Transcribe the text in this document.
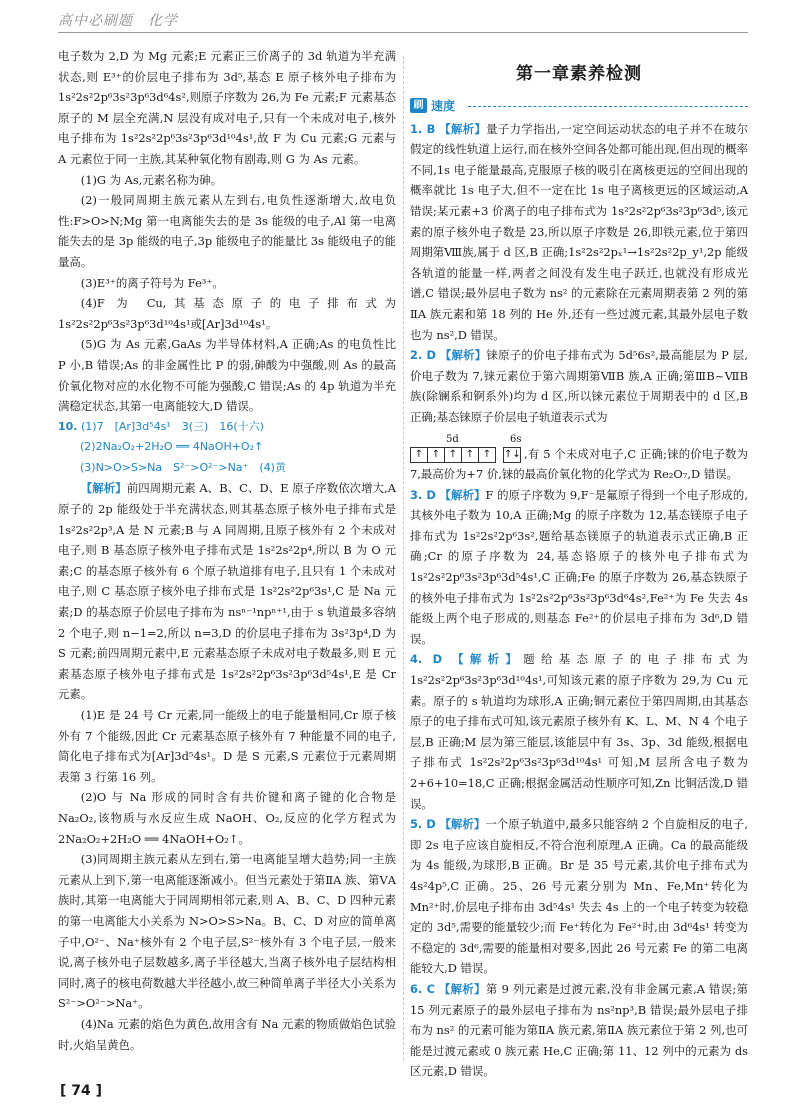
高中必刷题　化学

电子数为 2,D 为 Mg 元素;E 元素正三价离子的 3d 轨道为半充满状态,则 E³⁺的价层电子排布为 3d⁵,基态 E 原子核外电子排布为 1s²2s²2p⁶3s²3p⁶3d⁶4s²,则原子序数为 26,为 Fe 元素;F 元素基态原子的 M 层全充满,N 层没有成对电子,只有一个未成对电子,核外电子排布为 1s²2s²2p⁶3s²3p⁶3d¹⁰4s¹,故 F 为 Cu 元素;G 元素与 A 元素位于同一主族,其某种氧化物有剧毒,则 G 为 As 元素。

(1)G 为 As,元素名称为砷。

(2)一般同周期主族元素从左到右,电负性逐渐增大,故电负性:F>O>N;Mg 第一电离能失去的是 3s 能级的电子,Al 第一电离能失去的是 3p 能级的电子,3p 能级电子的能量比 3s 能级电子的能量高。

(3)E³⁺的离子符号为 Fe³⁺。

(4)F 为 Cu,其基态原子的电子排布式为 1s²2s²2p⁶3s²3p⁶3d¹⁰4s¹或[Ar]3d¹⁰4s¹。

(5)G 为 As 元素,GaAs 为半导体材料,A 正确;As 的电负性比 P 小,B 错误;As 的非金属性比 P 的弱,砷酸为中强酸,则 As 的最高价氧化物对应的水化物不可能为强酸,C 错误;As 的 4p 轨道为半充满稳定状态,其第一电离能较大,D 错误。

10. (1)7　[Ar]3d⁵4s¹　3(三)　16(十六)

(2)2Na₂O₂+2H₂O ══ 4NaOH+O₂↑

(3)N>O>S>Na　S²⁻>O²⁻>Na⁺　(4)黄

【解析】前四周期元素 A、B、C、D、E 原子序数依次增大,A 原子的 2p 能级处于半充满状态,则其基态原子核外电子排布式是 1s²2s²2p³,A 是 N 元素;B 与 A 同周期,且原子核外有 2 个未成对电子,则 B 基态原子核外电子排布式是 1s²2s²2p⁴,所以 B 为 O 元素;C 的基态原子核外有 6 个原子轨道排有电子,且只有 1 个未成对电子,则 C 基态原子核外电子排布式是 1s²2s²2p⁶3s¹,C 是 Na 元素;D 的基态原子价层电子排布为 nsⁿ⁻¹npⁿ⁺¹,由于 s 轨道最多容纳 2 个电子,则 n−1=2,所以 n=3,D 的价层电子排布为 3s²3p⁴,D 为 S 元素;前四周期元素中,E 元素基态原子未成对电子数最多,则 E 元素基态原子核外电子排布式是 1s²2s²2p⁶3s²3p⁶3d⁵4s¹,E 是 Cr 元素。

(1)E 是 24 号 Cr 元素,同一能级上的电子能量相同,Cr 原子核外有 7 个能级,因此 Cr 元素基态原子核外有 7 种能量不同的电子,简化电子排布式为[Ar]3d⁵4s¹。D 是 S 元素,S 元素位于元素周期表第 3 行第 16 列。

(2)O 与 Na 形成的同时含有共价键和离子键的化合物是 Na₂O₂,该物质与水反应生成 NaOH、O₂,反应的化学方程式为 2Na₂O₂+2H₂O ══ 4NaOH+O₂↑。

(3)同周期主族元素从左到右,第一电离能呈增大趋势;同一主族元素从上到下,第一电离能逐渐减小。但当元素处于第ⅡA 族、第ⅤA 族时,其第一电离能大于同周期相邻元素,则 A、B、C、D 四种元素的第一电离能大小关系为 N>O>S>Na。B、C、D 对应的简单离子中,O²⁻、Na⁺核外有 2 个电子层,S²⁻核外有 3 个电子层,一般来说,离子核外电子层数越多,离子半径越大,当离子核外电子层结构相同时,离子的核电荷数越大半径越小,故三种简单离子半径大小关系为 S²⁻>O²⁻>Na⁺。

(4)Na 元素的焰色为黄色,故用含有 Na 元素的物质做焰色试验时,火焰呈黄色。

第一章素养检测
刷 速度

1. B 【解析】量子力学指出,一定空间运动状态的电子并不在玻尔假定的线性轨道上运行,而在核外空间各处都可能出现,但出现的概率不同,1s 电子能量最高,克服原子核的吸引在离核更远的空间出现的概率就比 1s 电子大,但不一定在比 1s 电子离核更远的区域运动,A 错误;某元素+3 价离子的电子排布式为 1s²2s²2p⁶3s²3p⁶3d⁵,该元素的原子核外电子数是 23,所以原子序数是 26,即铁元素,位于第四周期第Ⅷ族,属于 d 区,B 正确;1s²2s²2pₓ¹→1s²2s²2p_y¹,2p 能级各轨道的能量一样,两者之间没有发生电子跃迁,也就没有形成光谱,C 错误;最外层电子数为 ns² 的元素除在元素周期表第 2 列的第ⅡA 族元素和第 18 列的 He 外,还有一些过渡元素,其最外层电子数也为 ns²,D 错误。

2. D 【解析】铼原子的价电子排布式为 5d⁵6s²,最高能层为 P 层,价电子数为 7,铼元素位于第六周期第ⅦB 族,A 正确;第ⅢB~ⅦB 族(除镧系和锕系外)均为 d 区,所以铼元素位于周期表中的 d 区,B 正确;基态铼原子价层电子轨道表示式为

5d	6s
↑ ↑ ↑ ↑ ↑	↑↓ ,有 5 个未成对电子,C 正确;铼的价电子数为 7,最高价为+7 价,铼的最高价氧化物的化学式为 Re₂O₇,D 错误。

3. D 【解析】F 的原子序数为 9,F⁻是氟原子得到一个电子形成的,其核外电子数为 10,A 正确;Mg 的原子序数为 12,基态镁原子电子排布式为 1s²2s²2p⁶3s²,题给基态镁原子的轨道表示式正确,B 正确;Cr 的原子序数为 24,基态铬原子的核外电子排布式为 1s²2s²2p⁶3s²3p⁶3d⁵4s¹,C 正确;Fe 的原子序数为 26,基态铁原子的核外电子排布式为 1s²2s²2p⁶3s²3p⁶3d⁶4s²,Fe²⁺为 Fe 失去 4s 能级上两个电子形成的,则基态 Fe²⁺的价层电子排布为 3d⁶,D 错误。

4. D 【解析】题给基态原子的电子排布式为 1s²2s²2p⁶3s²3p⁶3d¹⁰4s¹,可知该元素的原子序数为 29,为 Cu 元素。原子的 s 轨道均为球形,A 正确;铜元素位于第四周期,由其基态原子的电子排布式可知,该元素原子核外有 K、L、M、N 4 个电子层,B 正确;M 层为第三能层,该能层中有 3s、3p、3d 能级,根据电子排布式 1s²2s²2p⁶3s²3p⁶3d¹⁰4s¹ 可知,M 层所含电子数为 2+6+10=18,C 正确;根据金属活动性顺序可知,Zn 比铜活泼,D 错误。

5. D 【解析】一个原子轨道中,最多只能容纳 2 个自旋相反的电子,即 2s 电子应该自旋相反,不符合泡利原理,A 正确。Ca 的最高能级为 4s 能级,为球形,B 正确。Br 是 35 号元素,其价电子排布式为 4s²4p⁵,C 正确。25、26 号元素分别为 Mn、Fe,Mn⁺转化为 Mn²⁺时,价层电子排布由 3d⁵4s¹ 失去 4s 上的一个电子转变为较稳定的 3d⁵,需要的能量较少;而 Fe⁺转化为 Fe²⁺时,由 3d⁶4s¹ 转变为不稳定的 3d⁶,需要的能量相对要多,因此 26 号元素 Fe 的第二电离能较大,D 错误。

6. C 【解析】第 9 列元素是过渡元素,没有非金属元素,A 错误;第 15 列元素原子的最外层电子排布为 ns²np³,B 错误;最外层电子排布为 ns² 的元素可能为第ⅡA 族元素,第ⅡA 族元素位于第 2 列,也可能是过渡元素或 0 族元素 He,C 正确;第 11、12 列中的元素为 ds 区元素,D 错误。

[ 74 ]
